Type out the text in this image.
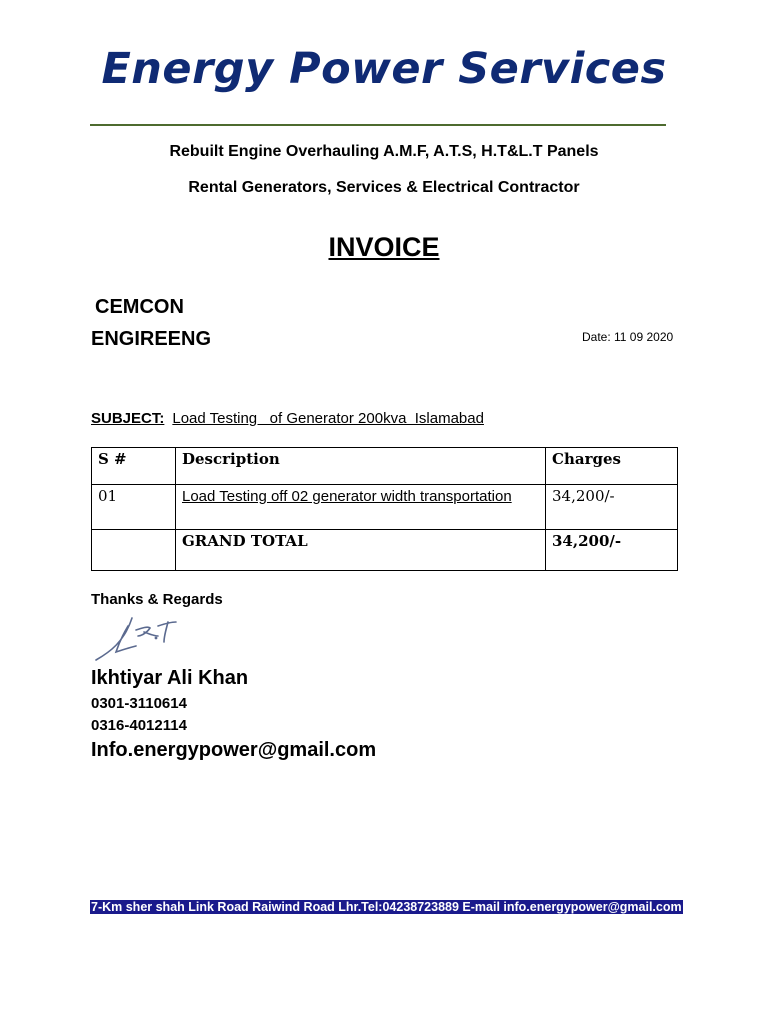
Energy Power Services
Rebuilt Engine Overhauling A.M.F, A.T.S, H.T&L.T Panels
Rental Generators, Services & Electrical Contractor
INVOICE
CEMCON
ENGIREENG	Date: 11 09 2020
SUBJECT: Load Testing   of Generator 200kva  Islamabad
S #	Description	Charges
01	Load Testing off 02 generator width transportation	34,200/-
	GRAND TOTAL	34,200/-
Thanks & Regards
Ikhtiyar Ali Khan
0301-3110614
0316-4012114
Info.energypower@gmail.com
7-Km sher shah Link Road Raiwind Road Lhr.Tel:04238723889 E-mail info.energypower@gmail.com
